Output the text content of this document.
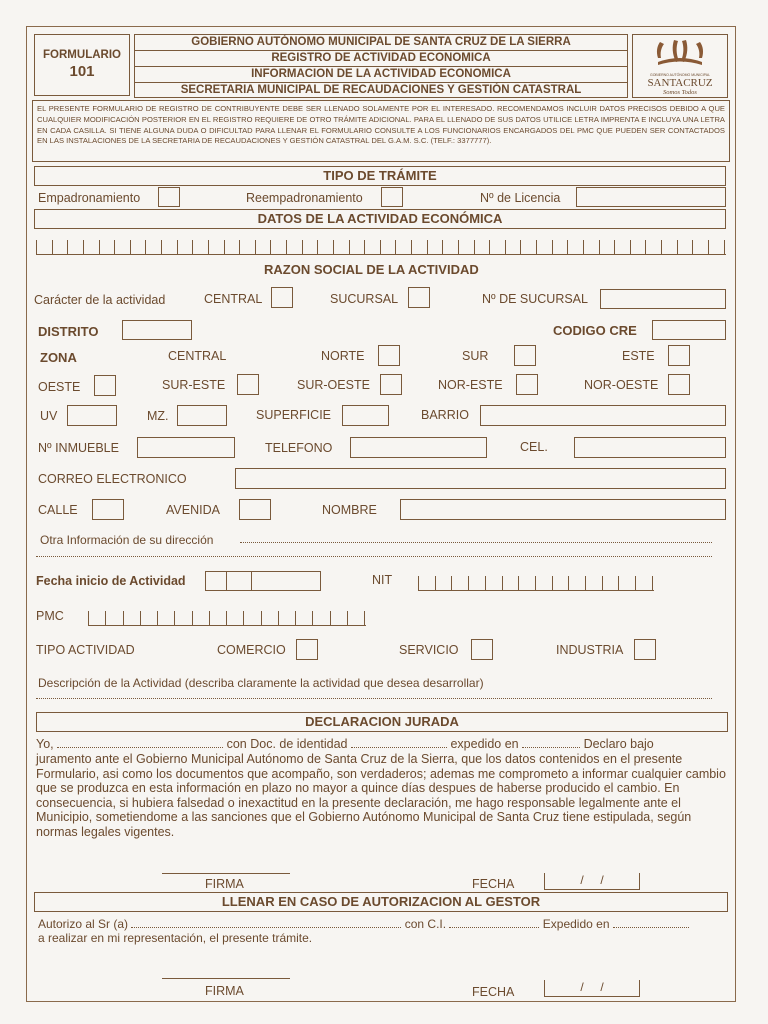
FORMULARIO
101
GOBIERNO AUTÓNOMO MUNICIPAL DE SANTA CRUZ DE LA SIERRA
REGISTRO DE ACTIVIDAD ECONOMICA
INFORMACION DE LA ACTIVIDAD ECONOMICA
SECRETARIA MUNICIPAL DE RECAUDACIONES Y GESTIÓN CATASTRAL
GOBIERNO AUTÓNOMO MUNICIPAL
SANTACRUZ
Somos Todos
EL PRESENTE FORMULARIO DE REGISTRO DE CONTRIBUYENTE DEBE SER LLENADO SOLAMENTE POR EL INTERESADO. RECOMENDAMOS INCLUIR DATOS PRECISOS DEBIDO A QUE CUALQUIER MODIFICACIÓN POSTERIOR EN EL REGISTRO REQUIERE DE OTRO TRÁMITE ADICIONAL. PARA EL LLENADO DE SUS DATOS UTILICE LETRA IMPRENTA E INCLUYA UNA LETRA EN CADA CASILLA. SI TIENE ALGUNA DUDA O DIFICULTAD PARA LLENAR EL FORMULARIO CONSULTE A LOS FUNCIONARIOS ENCARGADOS DEL PMC QUE PUEDEN SER CONTACTADOS EN LAS INSTALACIONES DE LA SECRETARIA DE RECAUDACIONES Y GESTIÓN CATASTRAL DEL G.A.M. S.C. (TELF.: 3377777).
TIPO DE TRÁMITE
Empadronamiento	Reempadronamiento	Nº de Licencia
DATOS DE LA ACTIVIDAD ECONÓMICA
RAZON SOCIAL DE LA ACTIVIDAD
Carácter de la actividad	CENTRAL	SUCURSAL	Nº DE SUCURSAL
DISTRITO	CODIGO CRE
ZONA	CENTRAL	NORTE	SUR	ESTE
OESTE	SUR-ESTE	SUR-OESTE	NOR-ESTE	NOR-OESTE
UV	MZ.	SUPERFICIE	BARRIO
Nº INMUEBLE	TELEFONO	CEL.
CORREO ELECTRONICO
CALLE	AVENIDA	NOMBRE
Otra Información de su dirección
Fecha inicio de Actividad	NIT
PMC
TIPO ACTIVIDAD	COMERCIO	SERVICIO	INDUSTRIA
Descripción de la Actividad (describa claramente la actividad que desea desarrollar)
DECLARACION JURADA
Yo,	con Doc. de identidad	expedido en	Declaro bajo
juramento ante el Gobierno Municipal Autónomo de Santa Cruz de la Sierra, que los datos contenidos en el presente Formulario, asi como los documentos que acompaño, son verdaderos; ademas me comprometo a informar cualquier cambio que se produzca en esta información en plazo no mayor a quince días despues de haberse producido el cambio. En consecuencia, si hubiera falsedad o inexactitud en la presente declaración, me hago responsable legalmente ante el Municipio, sometiendome a las sanciones que el Gobierno Autónomo Municipal de Santa Cruz tiene estipulada, según normas legales vigentes.
FIRMA	FECHA	/     /
LLENAR EN CASO DE AUTORIZACION AL GESTOR
Autorizo al Sr (a)	con C.I.	Expedido en
a realizar en mi representación, el presente trámite.
FIRMA	FECHA	/     /
